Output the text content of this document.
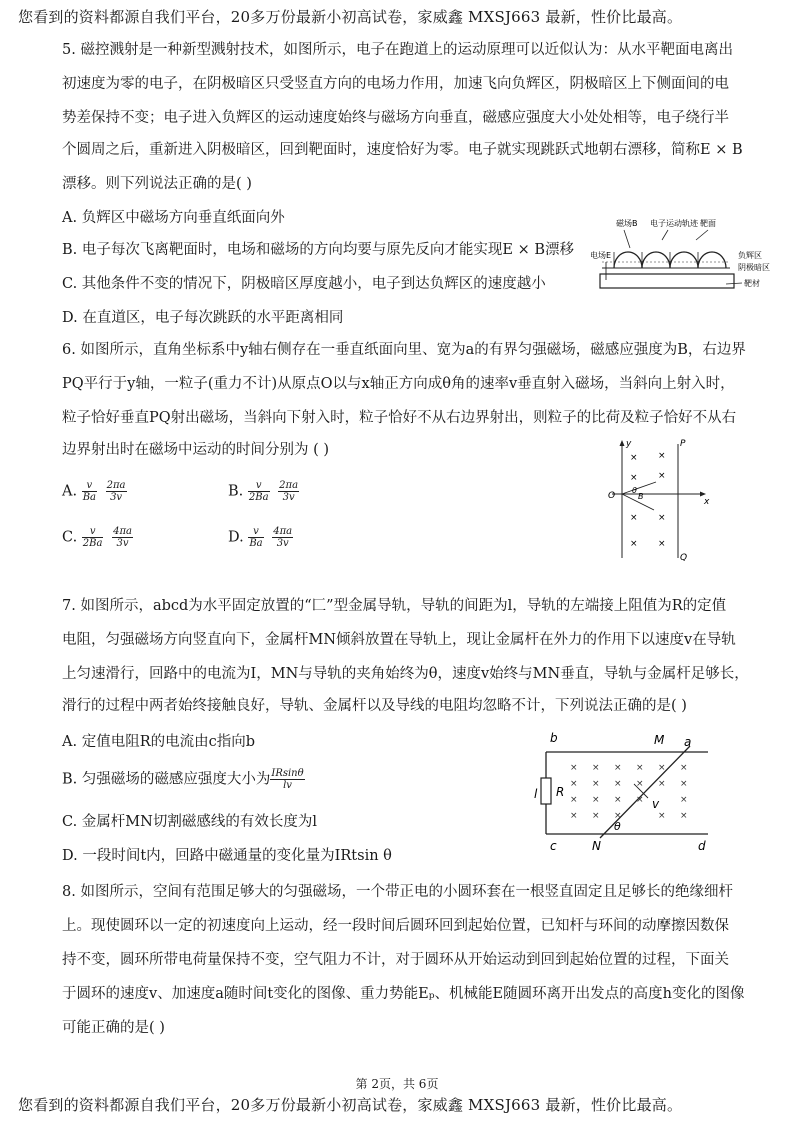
您看到的资料都源自我们平台，20多万份最新小初高试卷，家威鑫 MXSJ663 最新，性价比最高。
5. 磁控溅射是一种新型溅射技术，如图所示，电子在跑道上的运动原理可以近似认为：从水平靶面电离出
初速度为零的电子，在阴极暗区只受竖直方向的电场力作用，加速飞向负辉区，阴极暗区上下侧面间的电
势差保持不变；电子进入负辉区的运动速度始终与磁场方向垂直，磁感应强度大小处处相等，电子绕行半
个圆周之后，重新进入阴极暗区，回到靶面时，速度恰好为零。电子就实现跳跃式地朝右漂移，简称E × B
漂移。则下列说法正确的是( )
A. 负辉区中磁场方向垂直纸面向外
B. 电子每次飞离靶面时，电场和磁场的方向均要与原先反向才能实现E × B漂移
C. 其他条件不变的情况下，阴极暗区厚度越小，电子到达负辉区的速度越小
D. 在直道区，电子每次跳跃的水平距离相同
磁场B 电子运动轨迹 靶面
电场E	负辉区
阴极暗区
靶材
6. 如图所示，直角坐标系中y轴右侧存在一垂直纸面向里、宽为a的有界匀强磁场，磁感应强度为B，右边界
PQ平行于y轴，一粒子(重力不计)从原点O以与x轴正方向成θ角的速率v垂直射入磁场，当斜向上射入时，
粒子恰好垂直PQ射出磁场，当斜向下射入时，粒子恰好不从右边界射出，则粒子的比荷及粒子恰好不从右
边界射出时在磁场中运动的时间分别为 ( )
A. $\frac{v}{Ba}$
$\frac{2\pi a}{3v}$	B. $\frac{v}{2Ba}$
$\frac{2\pi a}{3v}$
C. $\frac{v}{2Ba}$
$\frac{4\pi a}{3v}$	D. $\frac{v}{Ba}$
$\frac{4\pi a}{3v}$
y
x
O
P
Q
θ
B
× ×
× ×
× ×
× ×
7. 如图所示，abcd为水平固定放置的“匚”型金属导轨，导轨的间距为l，导轨的左端接上阻值为R的定值
电阻，匀强磁场方向竖直向下，金属杆MN倾斜放置在导轨上，现让金属杆在外力的作用下以速度v在导轨
上匀速滑行，回路中的电流为I，MN与导轨的夹角始终为θ，速度v始终与MN垂直，导轨与金属杆足够长，
滑行的过程中两者始终接触良好，导轨、金属杆以及导线的电阻均忽略不计，下列说法正确的是( )
A. 定值电阻R的电流由c指向b
B. 匀强磁场的磁感应强度大小为 $\frac{IRsin\theta}{lv}$
C. 金属杆MN切割磁感线的有效长度为l
D. 一段时间t内，回路中磁通量的变化量为IRtsin θ
b	M a
R
l
v
θ
c	N	d
× × × × × ×
× × × × × ×
× × × ×	×
× × ×	× ×
8. 如图所示，空间有范围足够大的匀强磁场，一个带正电的小圆环套在一根竖直固定且足够长的绝缘细杆
上。现使圆环以一定的初速度向上运动，经一段时间后圆环回到起始位置，已知杆与环间的动摩擦因数保
持不变，圆环所带电荷量保持不变，空气阻力不计，对于圆环从开始运动到回到起始位置的过程，下面关
于圆环的速度v、加速度a随时间t变化的图像、重力势能Eₚ、机械能E随圆环离开出发点的高度h变化的图像
可能正确的是( )
第 2页，共 6页
您看到的资料都源自我们平台，20多万份最新小初高试卷，家威鑫 MXSJ663 最新，性价比最高。
